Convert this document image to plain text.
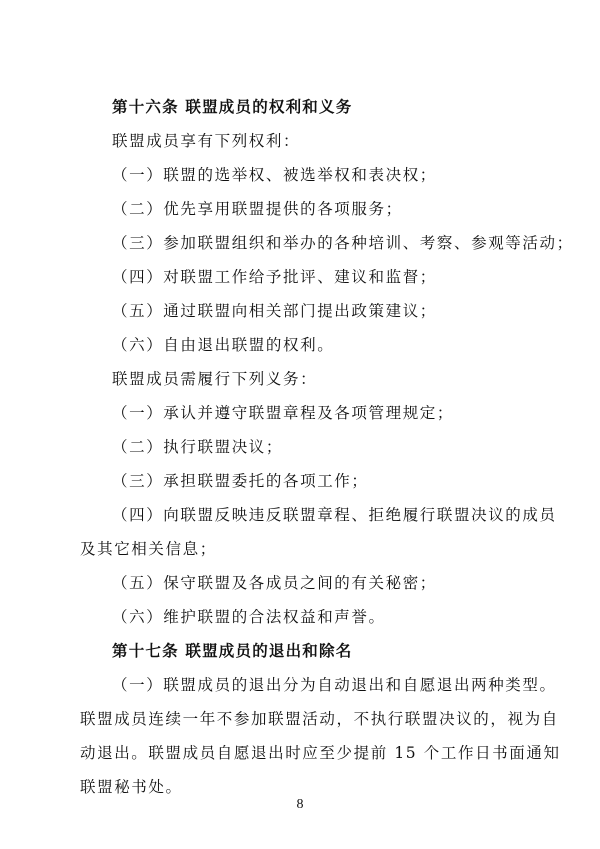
第十六条 联盟成员的权利和义务
联盟成员享有下列权利：
（一）联盟的选举权、被选举权和表决权；
（二）优先享用联盟提供的各项服务；
（三）参加联盟组织和举办的各种培训、考察、参观等活动；
（四）对联盟工作给予批评、建议和监督；
（五）通过联盟向相关部门提出政策建议；
（六）自由退出联盟的权利。
联盟成员需履行下列义务：
（一）承认并遵守联盟章程及各项管理规定；
（二）执行联盟决议；
（三）承担联盟委托的各项工作；
（四）向联盟反映违反联盟章程、拒绝履行联盟决议的成员
及其它相关信息；
（五）保守联盟及各成员之间的有关秘密；
（六）维护联盟的合法权益和声誉。
第十七条 联盟成员的退出和除名
（一）联盟成员的退出分为自动退出和自愿退出两种类型。
联盟成员连续一年不参加联盟活动，不执行联盟决议的，视为自
动退出。联盟成员自愿退出时应至少提前 15 个工作日书面通知
联盟秘书处。
8
